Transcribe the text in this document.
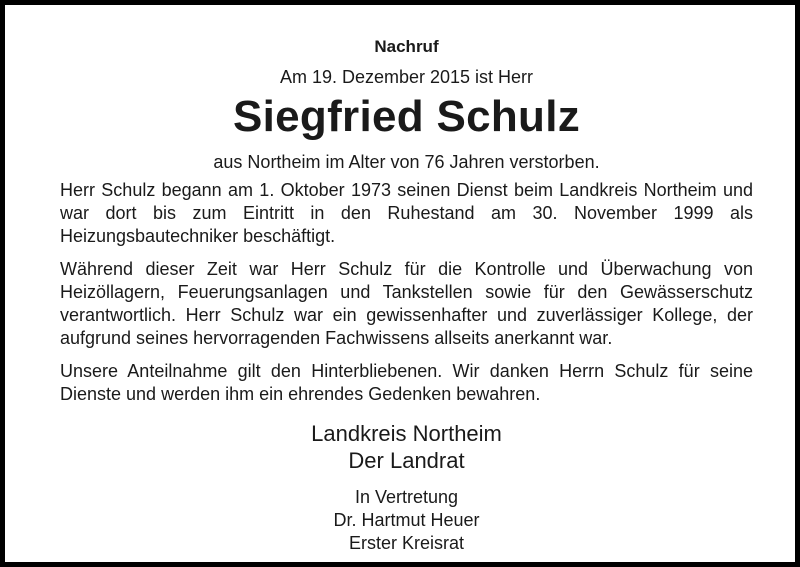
Nachruf
Am 19. Dezember 2015 ist Herr
Siegfried Schulz
aus Northeim im Alter von 76 Jahren verstorben.
Herr Schulz begann am 1. Oktober 1973 seinen Dienst beim Landkreis Northeim und war dort bis zum Eintritt in den Ruhestand am 30. November 1999 als Heizungsbautechniker beschäftigt.
Während dieser Zeit war Herr Schulz für die Kontrolle und Überwachung von Heizöllagern, Feuerungsanlagen und Tankstellen sowie für den Gewässerschutz verantwortlich. Herr Schulz war ein gewissenhafter und zuverlässiger Kollege, der aufgrund seines hervorragenden Fachwissens allseits anerkannt war.
Unsere Anteilnahme gilt den Hinterbliebenen. Wir danken Herrn Schulz für seine Dienste und werden ihm ein ehrendes Gedenken bewahren.
Landkreis Northeim
Der Landrat
In Vertretung
Dr. Hartmut Heuer
Erster Kreisrat
